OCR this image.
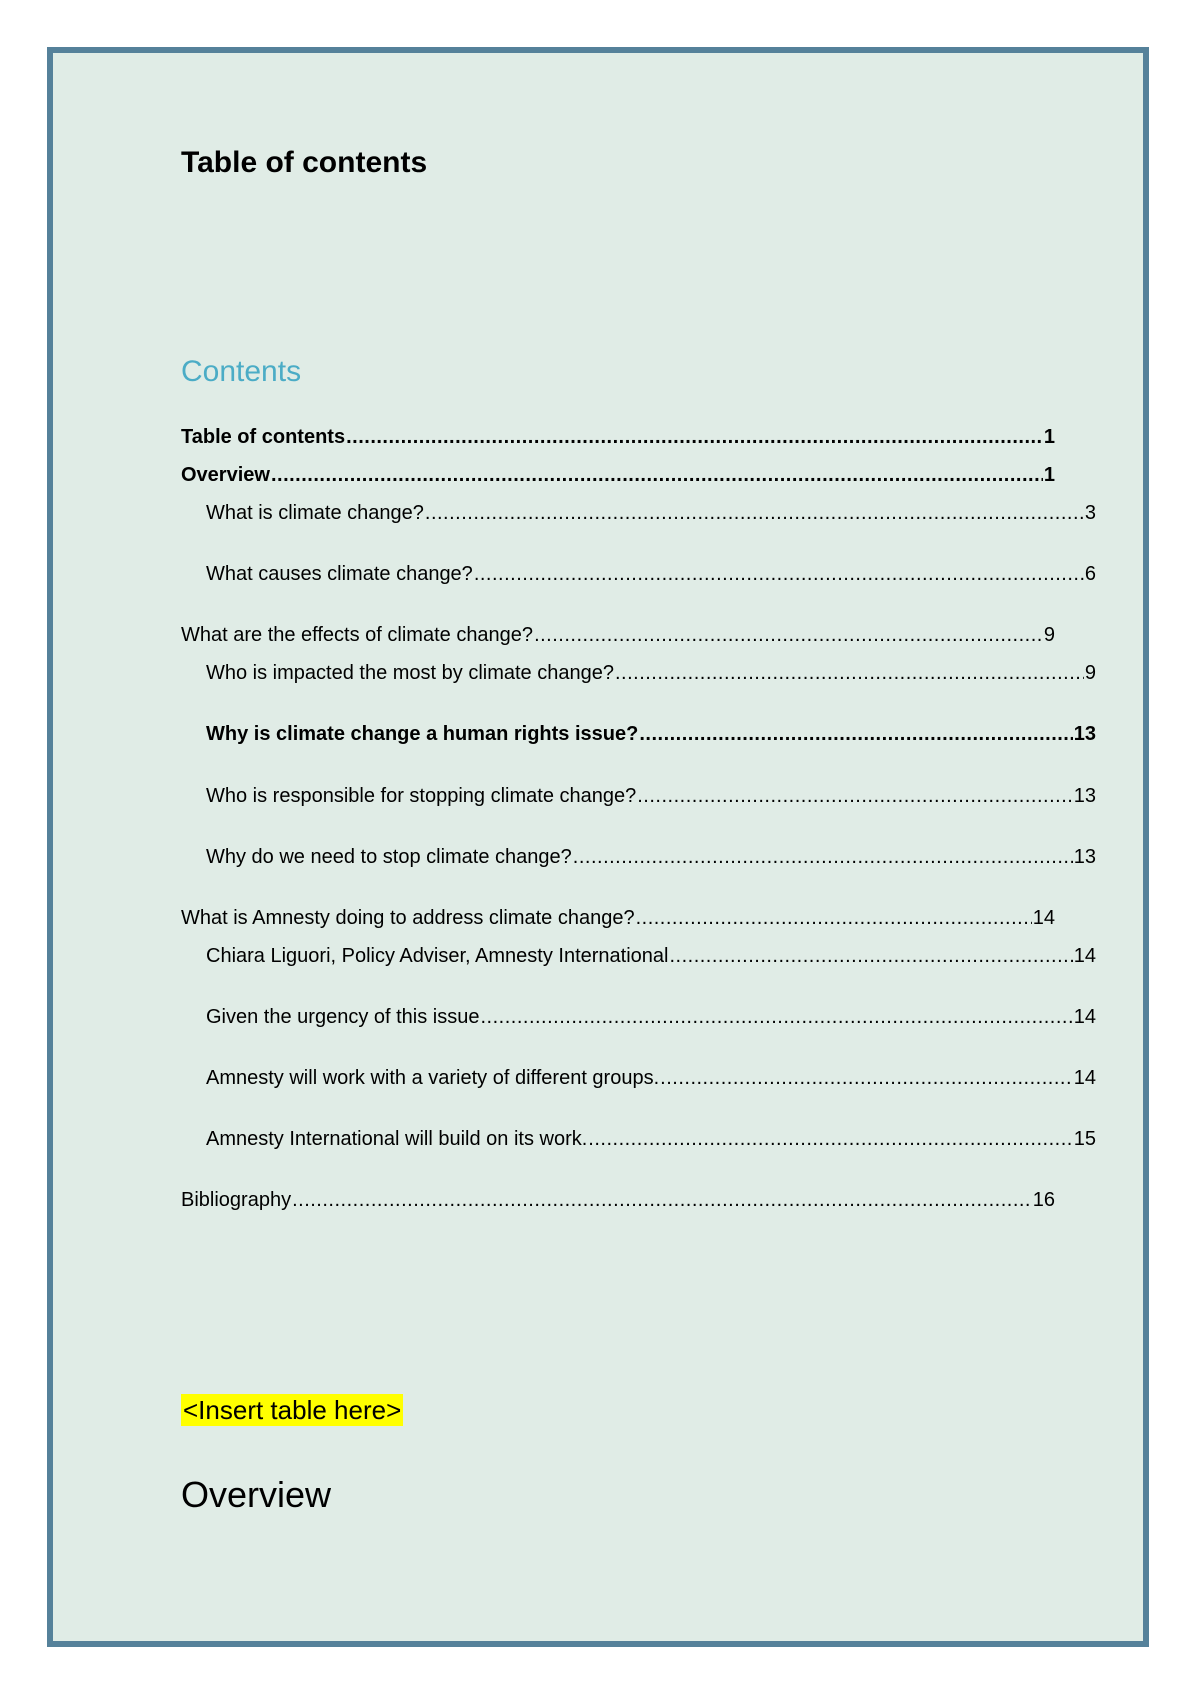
Table of contents
Contents
Table of contents .....	1
Overview .....	1
What is climate change? .....	3
What causes climate change? .....	6
What are the effects of climate change? .....	9
Who is impacted the most by climate change? .....	9
Why is climate change a human rights issue? .....	13
Who is responsible for stopping climate change? .....	13
Why do we need to stop climate change? .....	13
What is Amnesty doing to address climate change? .....	14
Chiara Liguori, Policy Adviser, Amnesty International .....	14
Given the urgency of this issue .....	14
Amnesty will work with a variety of different groups. .....	14
Amnesty International will build on its work. .....	15
Bibliography .....	16
<Insert table here>
Overview
